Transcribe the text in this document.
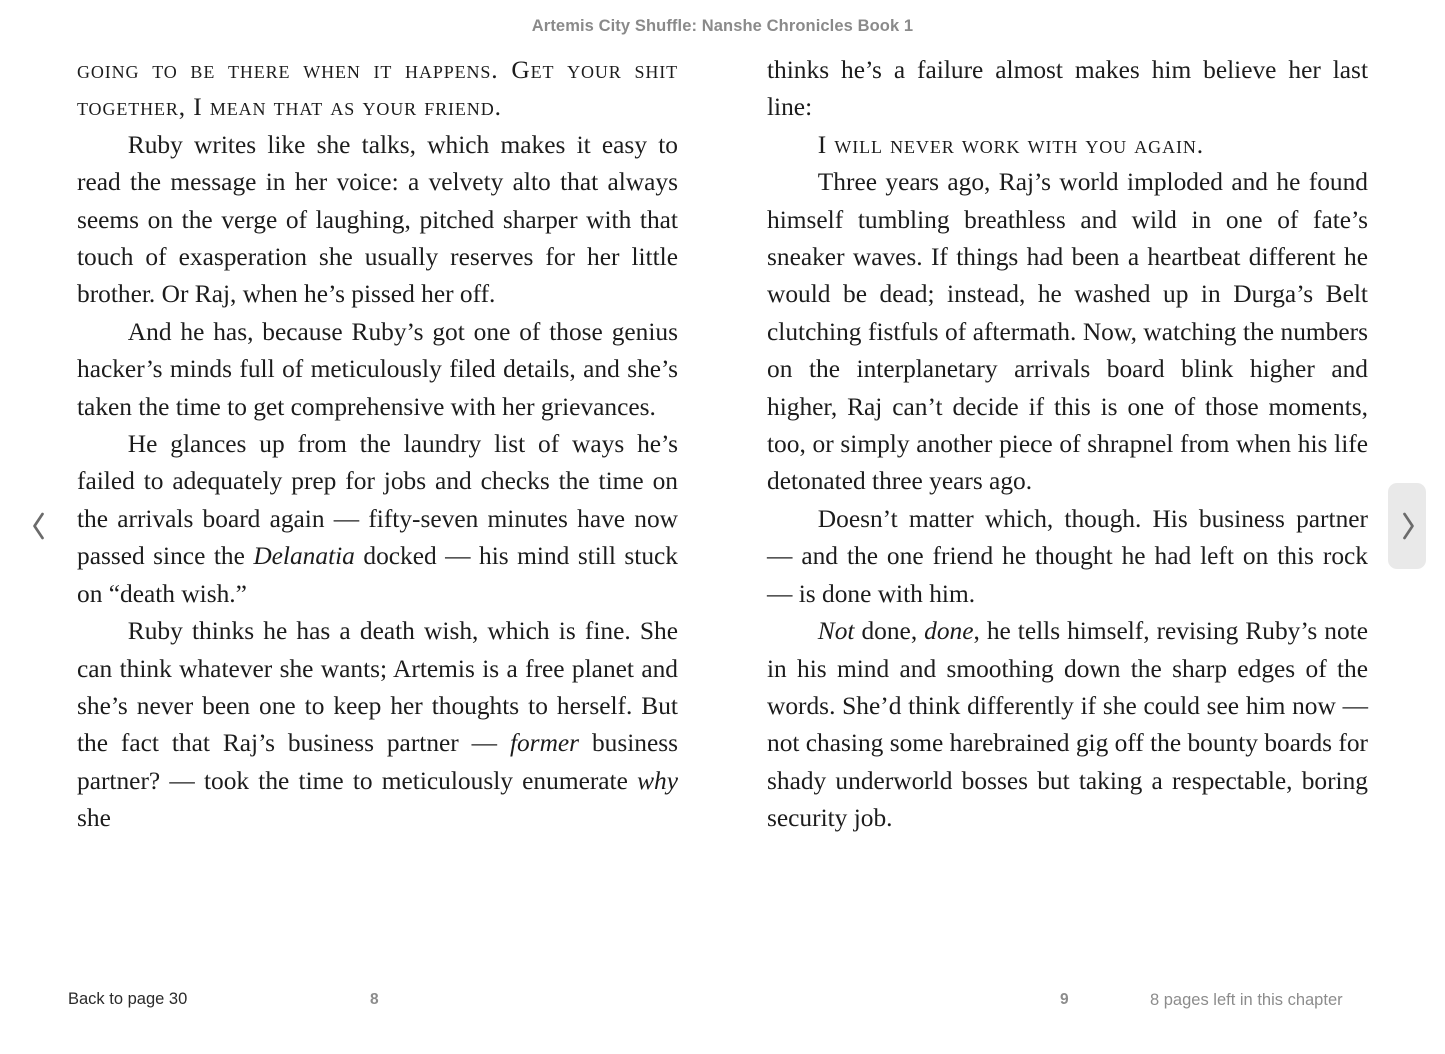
Artemis City Shuffle: Nanshe Chronicles Book 1

going to be there when it happens. Get your shit together, I mean that as your friend.

Ruby writes like she talks, which makes it easy to read the message in her voice: a velvety alto that always seems on the verge of laughing, pitched sharper with that touch of exasperation she usually reserves for her little brother. Or Raj, when he’s pissed her off.

And he has, because Ruby’s got one of those genius hacker’s minds full of meticulously filed details, and she’s taken the time to get comprehensive with her grievances.

He glances up from the laundry list of ways he’s failed to adequately prep for jobs and checks the time on the arrivals board again — fifty-seven minutes have now passed since the Delanatia docked — his mind still stuck on “death wish.”

Ruby thinks he has a death wish, which is fine. She can think whatever she wants; Artemis is a free planet and she’s never been one to keep her thoughts to herself. But the fact that Raj’s business partner — former business partner? — took the time to meticulously enumerate why she

thinks he’s a failure almost makes him believe her last line:

I will never work with you again.

Three years ago, Raj’s world imploded and he found himself tumbling breathless and wild in one of fate’s sneaker waves. If things had been a heartbeat different he would be dead; instead, he washed up in Durga’s Belt clutching fistfuls of aftermath. Now, watching the numbers on the interplanetary arrivals board blink higher and higher, Raj can’t decide if this is one of those moments, too, or simply another piece of shrapnel from when his life detonated three years ago.

Doesn’t matter which, though. His business partner — and the one friend he thought he had left on this rock — is done with him.

Not done, done, he tells himself, revising Ruby’s note in his mind and smoothing down the sharp edges of the words. She’d think differently if she could see him now — not chasing some harebrained gig off the bounty boards for shady underworld bosses but taking a respectable, boring security job.

Back to page 30	8	9	8 pages left in this chapter
